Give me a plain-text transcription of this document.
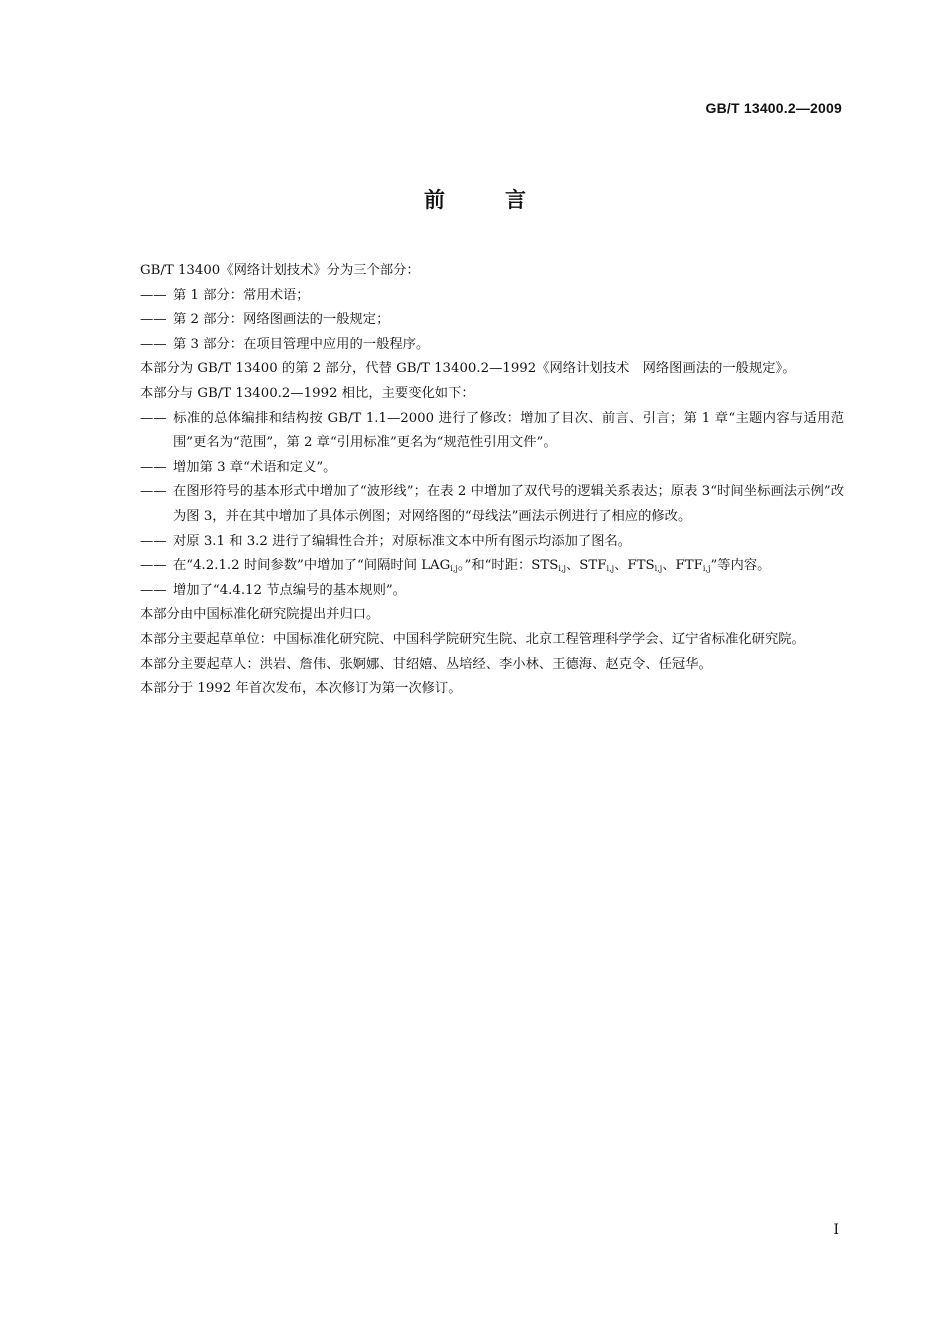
GB/T 13400.2—2009
前言

GB/T 13400《网络计划技术》分为三个部分：

—— 第 1 部分：常用术语；

—— 第 2 部分：网络图画法的一般规定；

—— 第 3 部分：在项目管理中应用的一般程序。

本部分为 GB/T 13400 的第 2 部分，代替 GB/T 13400.2—1992《网络计划技术　网络图画法的一般规定》。

本部分与 GB/T 13400.2—1992 相比，主要变化如下：

—— 标准的总体编排和结构按 GB/T 1.1—2000 进行了修改：增加了目次、前言、引言；第 1 章“主题内容与适用范围”更名为“范围”，第 2 章“引用标准”更名为“规范性引用文件”。

—— 增加第 3 章“术语和定义”。

—— 在图形符号的基本形式中增加了“波形线”；在表 2 中增加了双代号的逻辑关系表达；原表 3“时间坐标画法示例”改为图 3，并在其中增加了具体示例图；对网络图的“母线法”画法示例进行了相应的修改。

—— 对原 3.1 和 3.2 进行了编辑性合并；对原标准文本中所有图示均添加了图名。

—— 在“4.2.1.2 时间参数”中增加了“间隔时间 $LAG_{i,j}$。”和“时距：$STS_{i,j}$、$STF_{i,j}$、$FTS_{i,j}$、$FTF_{i,j}$”等内容。

—— 增加了“4.4.12 节点编号的基本规则”。

本部分由中国标准化研究院提出并归口。

本部分主要起草单位：中国标准化研究院、中国科学院研究生院、北京工程管理科学学会、辽宁省标准化研究院。

本部分主要起草人：洪岩、詹伟、张婀娜、甘绍嬉、丛培经、李小林、王德海、赵克令、任冠华。

本部分于 1992 年首次发布，本次修订为第一次修订。

I
